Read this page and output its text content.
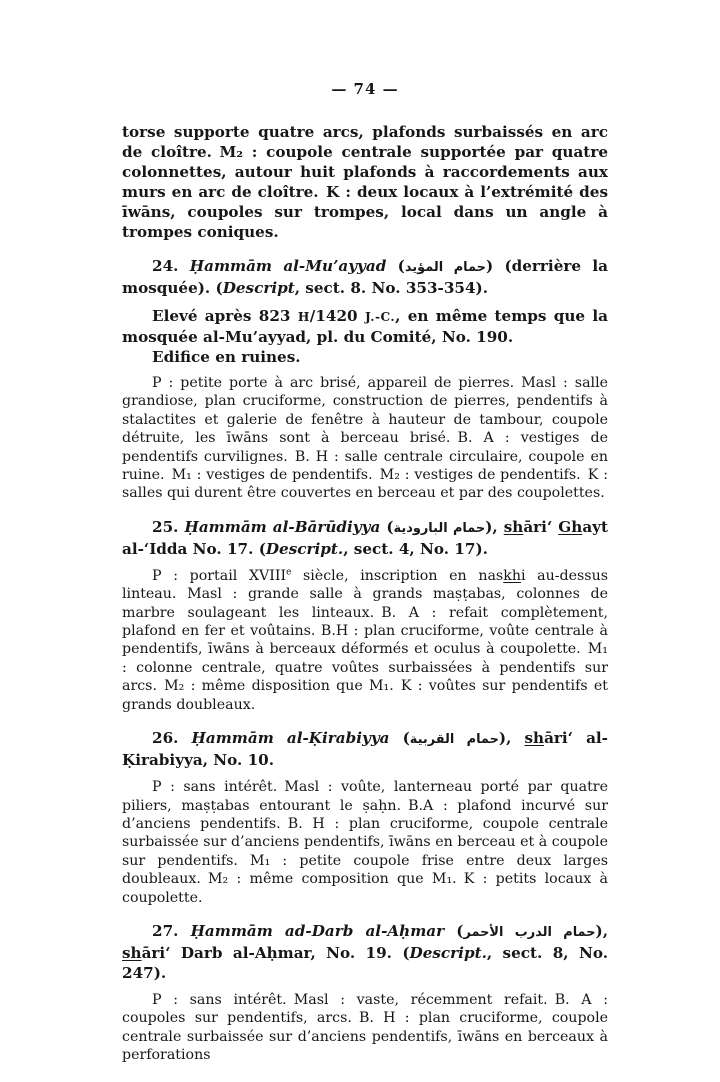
— 74 —

torse supporte quatre arcs, plafonds surbaissés en arc de cloître. M₂ : coupole centrale supportée par quatre colonnettes, autour huit plafonds à raccordements aux murs en arc de cloître. K : deux locaux à l’extrémité des īwāns, coupoles sur trompes, local dans un angle à trompes coniques.

24. Ḥammām al-Mu’ayyad (حمام المؤيد) (derrière la mosquée). (Descript, sect. 8. No. 353-354).

Elevé après 823 H/1420 J.-C., en même temps que la mosquée al-Mu’ayyad, pl. du Comité, No. 190.

Edifice en ruines.

P : petite porte à arc brisé, appareil de pierres. Masl : salle grandiose, plan cruciforme, construction de pierres, pendentifs à stalactites et galerie de fenêtre à hauteur de tambour, coupole détruite, les īwāns sont à berceau brisé. B. A : vestiges de pendentifs curvilignes. B. H : salle centrale circulaire, coupole en ruine. M₁ : vestiges de pendentifs. M₂ : vestiges de pendentifs. K : salles qui durent être couvertes en berceau et par des coupolettes.

25. Ḥammām al-Bārūdiyya (حمام البارودية), shāri‘ Ghayt al-‘Idda No. 17. (Descript., sect. 4, No. 17).

P : portail XVIIIe siècle, inscription en naskhi au-dessus linteau. Masl : grande salle à grands maṣṭabas, colonnes de marbre soulageant les linteaux. B. A : refait complètement, plafond en fer et voûtains. B.H : plan cruciforme, voûte centrale à pendentifs, īwāns à berceaux déformés et oculus à coupolette. M₁ : colonne centrale, quatre voûtes surbaissées à pendentifs sur arcs. M₂ : même disposition que M₁. K : voûtes sur pendentifs et grands doubleaux.

26. Ḥammām al-Ḳirabiyya (حمام القربية), shāri‘ al-Ḳirabiyya, No. 10.

P : sans intérêt. Masl : voûte, lanterneau porté par quatre piliers, maṣṭabas entourant le ṣaḥn. B.A : plafond incurvé sur d’anciens pendentifs. B. H : plan cruciforme, coupole centrale surbaissée sur d’anciens pendentifs, īwāns en berceau et à coupole sur pendentifs. M₁ : petite coupole frise entre deux larges doubleaux. M₂ : même composition que M₁. K : petits locaux à coupolette.

27. Ḥammām ad-Darb al-Aḥmar (حمام الدرب الأحمر), shāri‘ Darb al-Aḥmar, No. 19. (Descript., sect. 8, No. 247).

P : sans intérêt. Masl : vaste, récemment refait. B. A : coupoles sur pendentifs, arcs. B. H : plan cruciforme, coupole centrale surbaissée sur d’anciens pendentifs, īwāns en berceaux à perforations
